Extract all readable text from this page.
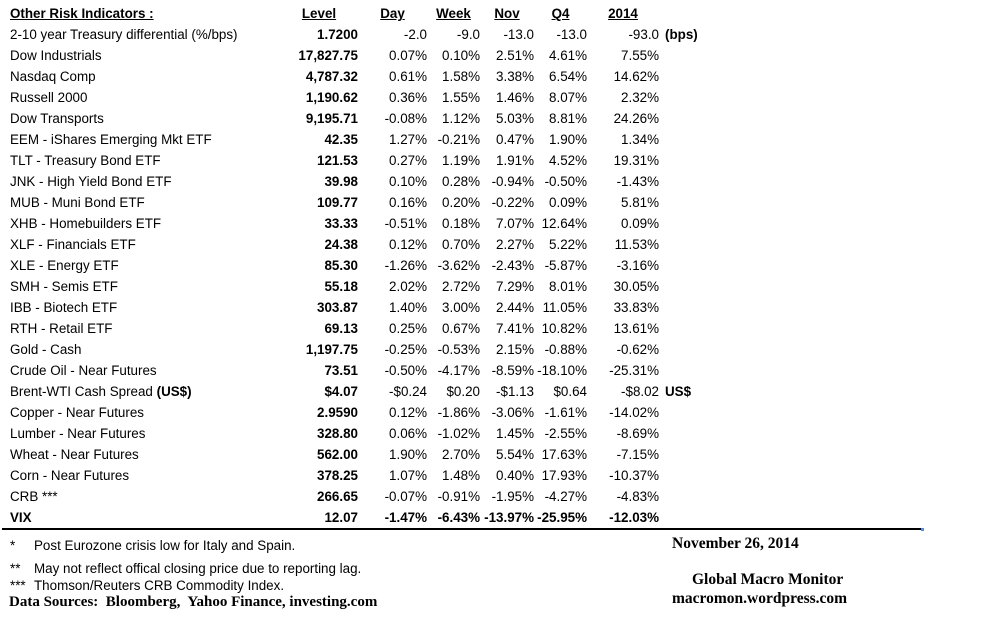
Other Risk Indicators :	Level	Day	Week	Nov	Q4	2014
2-10 year Treasury differential (%/bps)	1.7200	-2.0	-9.0	-13.0	-13.0	-93.0 (bps)
Dow Industrials	17,827.75	0.07%	0.10%	2.51%	4.61%	7.55%
Nasdaq Comp	4,787.32	0.61%	1.58%	3.38%	6.54%	14.62%
Russell 2000	1,190.62	0.36%	1.55%	1.46%	8.07%	2.32%
Dow Transports	9,195.71	-0.08%	1.12%	5.03%	8.81%	24.26%
EEM - iShares Emerging Mkt ETF	42.35	1.27% -0.21%	0.47%	1.90%	1.34%
TLT - Treasury Bond ETF	121.53	0.27%	1.19%	1.91%	4.52%	19.31%
JNK - High Yield Bond ETF	39.98	0.10%	0.28% -0.94% -0.50%	-1.43%
MUB - Muni Bond ETF	109.77	0.16%	0.20% -0.22%	0.09%	5.81%
XHB - Homebuilders ETF	33.33	-0.51%	0.18%	7.07% 12.64%	0.09%
XLF - Financials ETF	24.38	0.12%	0.70%	2.27%	5.22%	11.53%
XLE - Energy ETF	85.30	-1.26% -3.62% -2.43% -5.87%	-3.16%
SMH - Semis ETF	55.18	2.02%	2.72%	7.29%	8.01%	30.05%
IBB - Biotech ETF	303.87	1.40%	3.00%	2.44% 11.05%	33.83%
RTH - Retail ETF	69.13	0.25%	0.67%	7.41% 10.82%	13.61%
Gold - Cash	1,197.75	-0.25% -0.53%	2.15% -0.88%	-0.62%
Crude Oil - Near Futures	73.51	-0.50% -4.17% -8.59% -18.10%	-25.31%
Brent-WTI Cash Spread (US$)	$4.07	-$0.24	$0.20	-$1.13	$0.64	-$8.02 US$
Copper - Near Futures	2.9590	0.12% -1.86% -3.06% -1.61%	-14.02%
Lumber - Near Futures	328.80	0.06% -1.02%	1.45% -2.55%	-8.69%
Wheat - Near Futures	562.00	1.90%	2.70%	5.54% 17.63%	-7.15%
Corn - Near Futures	378.25	1.07%	1.48%	0.40% 17.93%	-10.37%
CRB ***	266.65	-0.07% -0.91% -1.95% -4.27%	-4.83%
VIX	12.07	-1.47% -6.43% -13.97% -25.95%	-12.03%
* Post Eurozone crisis low for Italy and Spain.
** May not reflect offical closing price due to reporting lag.
*** Thomson/Reuters CRB Commodity Index.
Data Sources:  Bloomberg,  Yahoo Finance, investing.com
November 26, 2014
Global Macro Monitor
macromon.wordpress.com
